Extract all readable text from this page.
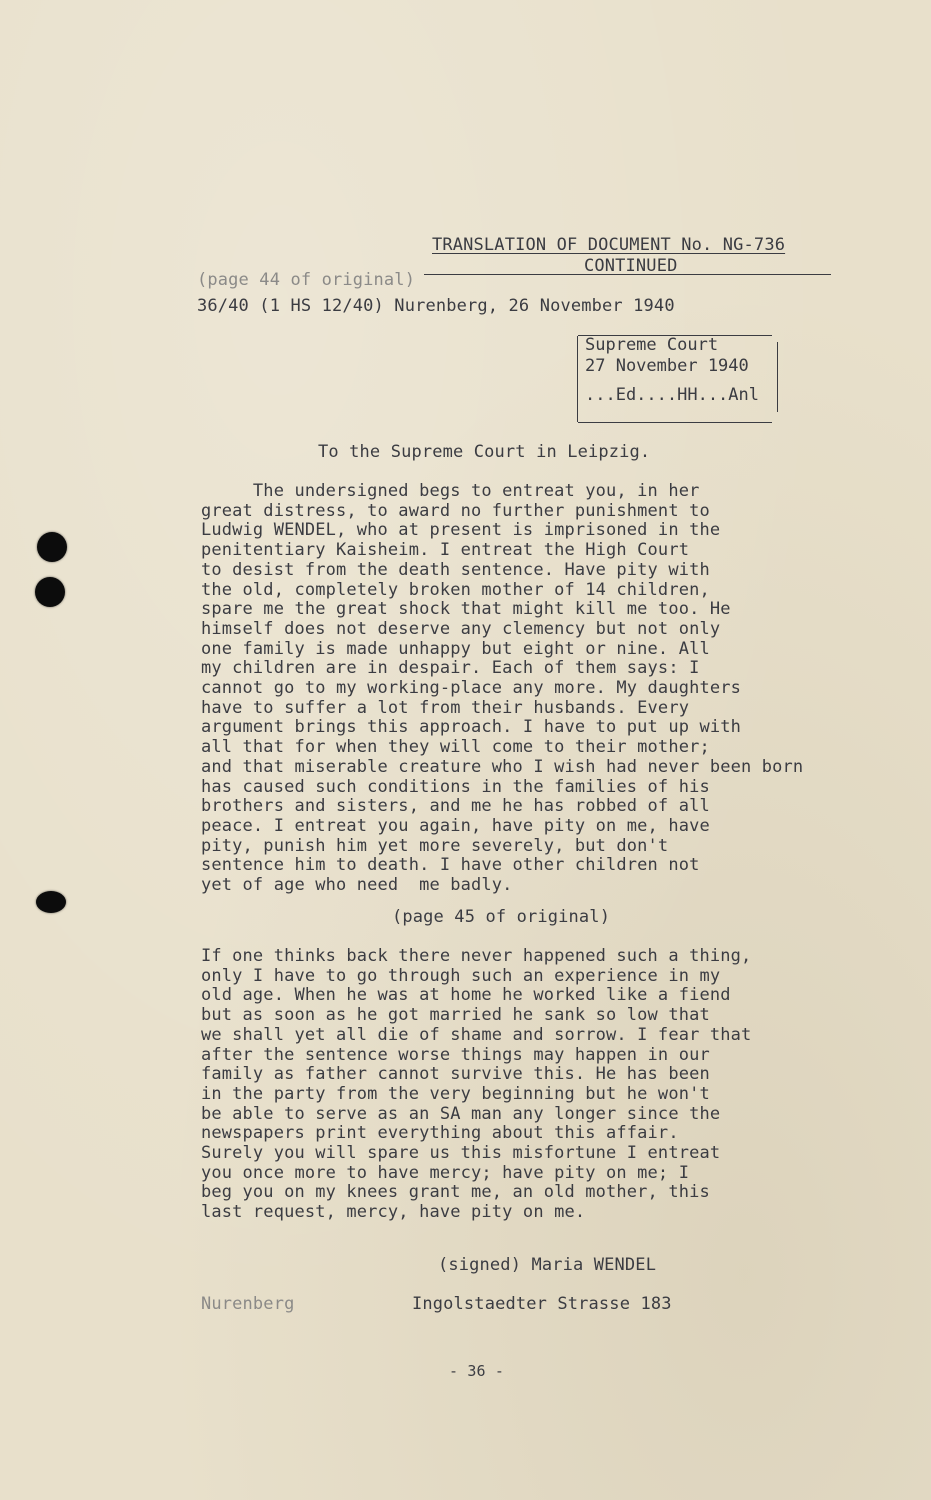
TRANSLATION OF DOCUMENT No. NG-736
CONTINUED
(page 44 of original)
36/40 (1 HS 12/40) Nurenberg, 26 November 1940
Supreme Court
27 November 1940
...Ed....HH...Anl
To the Supreme Court in Leipzig.
The undersigned begs to entreat you, in her
great distress, to award no further punishment to
Ludwig WENDEL, who at present is imprisoned in the
penitentiary Kaisheim. I entreat the High Court
to desist from the death sentence. Have pity with
the old, completely broken mother of 14 children,
spare me the great shock that might kill me too. He
himself does not deserve any clemency but not only
one family is made unhappy but eight or nine. All
my children are in despair. Each of them says: I
cannot go to my working-place any more. My daughters
have to suffer a lot from their husbands. Every
argument brings this approach. I have to put up with
all that for when they will come to their mother;
and that miserable creature who I wish had never been born
has caused such conditions in the families of his
brothers and sisters, and me he has robbed of all
peace. I entreat you again, have pity on me, have
pity, punish him yet more severely, but don't
sentence him to death. I have other children not
yet of age who need  me badly.
(page 45 of original)
If one thinks back there never happened such a thing,
only I have to go through such an experience in my
old age. When he was at home he worked like a fiend
but as soon as he got married he sank so low that
we shall yet all die of shame and sorrow. I fear that
after the sentence worse things may happen in our
family as father cannot survive this. He has been
in the party from the very beginning but he won't
be able to serve as an SA man any longer since the
newspapers print everything about this affair.
Surely you will spare us this misfortune I entreat
you once more to have mercy; have pity on me; I
beg you on my knees grant me, an old mother, this
last request, mercy, have pity on me.
(signed) Maria WENDEL
Nurenberg	Ingolstaedter Strasse 183
- 36 -
